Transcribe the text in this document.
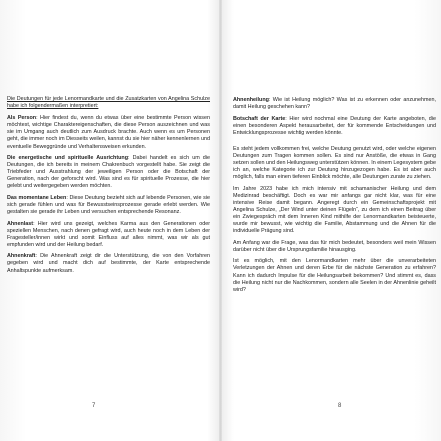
Die Deutungen für jede Lenormandkarte und die Zusatzkarten von Angelina Schulze habe ich folgendermaßen interpretiert:

Als Person: Hier findest du, wenn du etwas über eine bestimmte Person wissen möchtest, wichtige Charaktereigenschaften, die diese Person auszeichnen und was sie im Umgang auch deutlich zum Ausdruck brachte. Auch wenn es um Personen geht, die immer noch im Diesseits weilen, kannst du sie hier näher kennenlernen und eventuelle Beweggründe und Verhaltensweisen erkunden.

Die energetische und spirituelle Ausrichtung: Dabei handelt es sich um die Deutungen, die ich bereits in meinem Chakrenbuch vorgestellt habe. Sie zeigt die Triebfeder und Ausstrahlung der jeweiligen Person oder die Botschaft der Generation, nach der geforscht wird. Was sind es für spirituelle Prozesse, die hier gelebt und weitergegeben werden möchten.

Das momentane Leben: Diese Deutung bezieht sich auf lebende Personen, wie sie sich gerade fühlen und was für Bewusstseinsprozesse gerade erlebt werden. Wie gestalten sie gerade ihr Leben und versuchen entsprechende Resonanz.

Ahnenlast: Hier wird uns gezeigt, welches Karma aus den Generationen oder speziellen Menschen, nach denen gefragt wird, auch heute noch in dem Leben der Fragesteller/innen wirkt und somit Einfluss auf alles nimmt, was wir als gut empfunden wird und der Heilung bedarf.

Ahnenkraft: Die Ahnenkraft zeigt dir die Unterstützung, die von den Vorfahren gegeben wird und macht dich auf bestimmte, der Karte entsprechende Anhaltspunkte aufmerksam.

7

Ahnenheilung: Wie ist Heilung möglich? Was ist zu erkennen oder anzunehmen, damit Heilung geschehen kann?

Botschaft der Karte: Hier wird nochmal eine Deutung der Karte angeboten, die einen besonderen Aspekt herausarbeitet, der für kommende Entscheidungen und Entwicklungsprozesse wichtig werden könnte.

Es steht jedem vollkommen frei, welche Deutung genutzt wird, oder welche eigenen Deutungen zum Tragen kommen sollen. Es sind nur Anstöße, die etwas in Gang setzen sollen und den Heilungsweg unterstützen können. In einem Legesystem gebe ich an, welche Kategorie ich zur Deutung hinzugezogen habe. Es ist aber auch möglich, falls man einen tieferen Einblick möchte, alle Deutungen zurate zu ziehen.

Im Jahre 2023 habe ich mich intensiv mit schamanischer Heilung und dem Medizinrad beschäftigt. Doch es war mir anfangs gar nicht klar, was für eine intensive Reise damit begann. Angeregt durch ein Gemeinschaftsprojekt mit Angelina Schulze, „Der Wind unter deinen Flügeln“, zu dem ich einen Beitrag über ein Zwiegespräch mit dem Inneren Kind mithilfe der Lenormandkarten beisteuerte, wurde mir bewusst, wie wichtig die Familie, Abstammung und die Ahnen für die individuelle Prägung sind.

Am Anfang war die Frage, was das für mich bedeutet, besonders weil mein Wissen darüber nicht über die Ursprungsfamilie hinausging.

Ist es möglich, mit den Lenormandkarten mehr über die unverarbeiteten Verletzungen der Ahnen und deren Erbe für die nächste Generation zu erfahren? Kann ich dadurch Impulse für die Heilungsarbeit bekommen? Und stimmt es, dass die Heilung nicht nur die Nachkommen, sondern alle Seelen in der Ahnenlinie geheilt wird?

8
